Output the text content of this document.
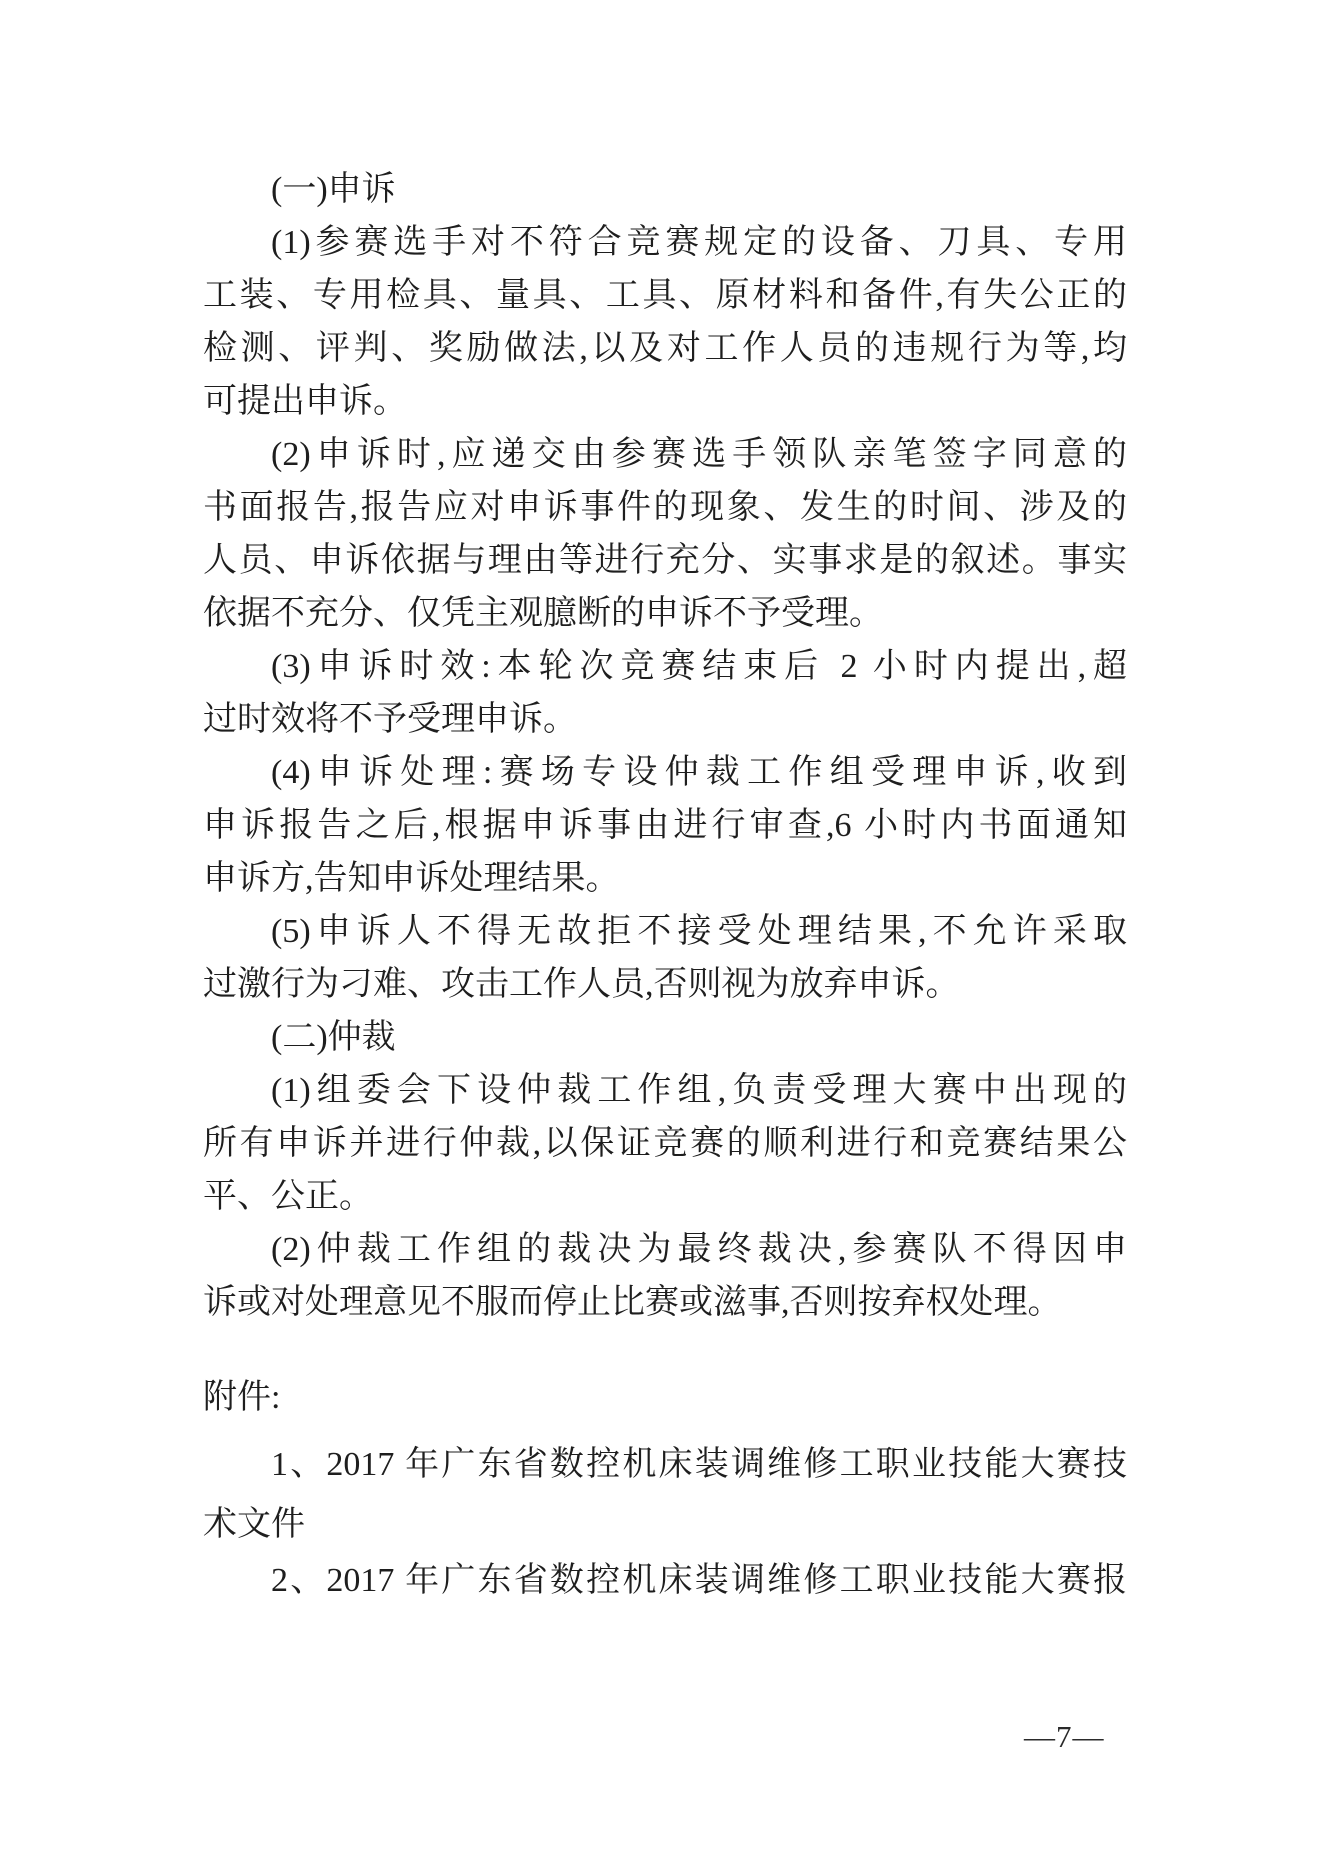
(一)申诉
(1)参赛选手对不符合竞赛规定的设备、刀具、专用
工装、专用检具、量具、工具、原材料和备件,有失公正的
检测、评判、奖励做法,以及对工作人员的违规行为等,均
可提出申诉。
(2)申诉时,应递交由参赛选手领队亲笔签字同意的
书面报告,报告应对申诉事件的现象、发生的时间、涉及的
人员、申诉依据与理由等进行充分、实事求是的叙述。事实
依据不充分、仅凭主观臆断的申诉不予受理。
(3)申诉时效:本轮次竞赛结束后 2 小时内提出,超
过时效将不予受理申诉。
(4)申诉处理:赛场专设仲裁工作组受理申诉,收到
申诉报告之后,根据申诉事由进行审查,6 小时内书面通知
申诉方,告知申诉处理结果。
(5)申诉人不得无故拒不接受处理结果,不允许采取
过激行为刁难、攻击工作人员,否则视为放弃申诉。
(二)仲裁
(1)组委会下设仲裁工作组,负责受理大赛中出现的
所有申诉并进行仲裁,以保证竞赛的顺利进行和竞赛结果公
平、公正。
(2)仲裁工作组的裁决为最终裁决,参赛队不得因申
诉或对处理意见不服而停止比赛或滋事,否则按弃权处理。
附件:
1、2017 年广东省数控机床装调维修工职业技能大赛技
术文件
2、2017 年广东省数控机床装调维修工职业技能大赛报
—7—
